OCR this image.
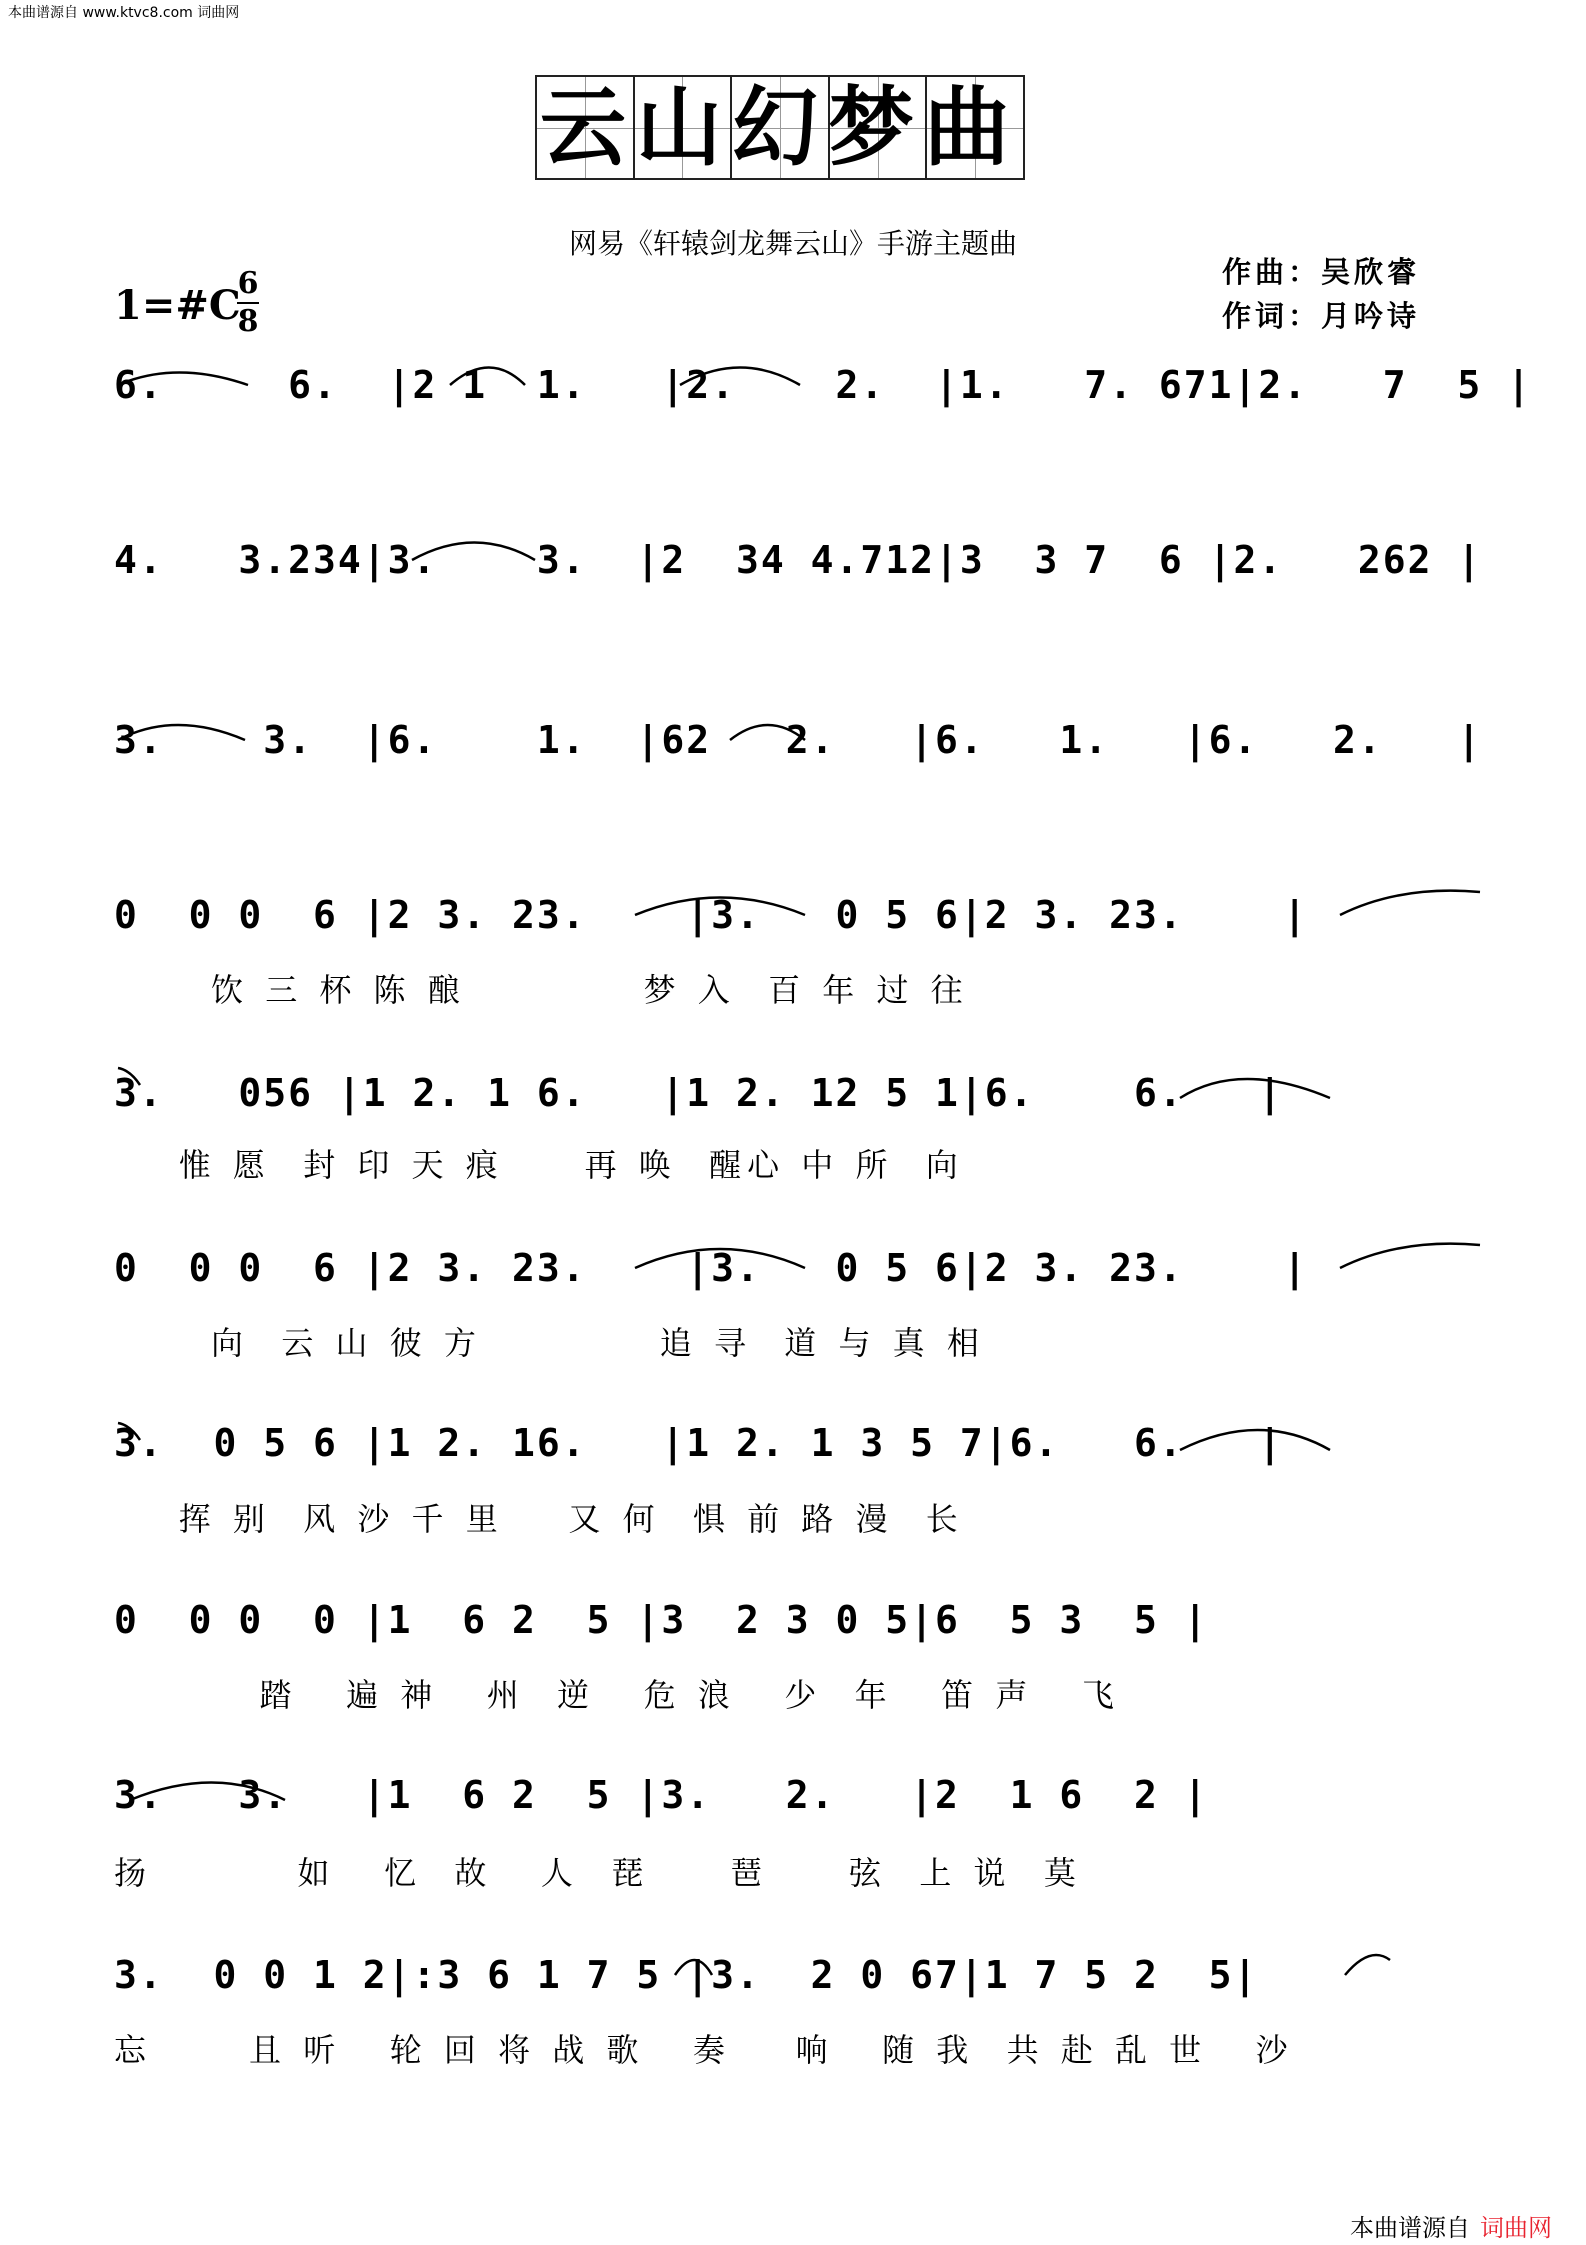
本曲谱源自 www.ktvc8.com 词曲网
云山幻梦曲
网易《轩辕剑龙舞云山》手游主题曲
作曲：吴欣睿
作词：月吟诗
1=#C
6
8
6.     6.  |2 1  1.   |2.    2.  |1.   7. 671|2.   7  5 |
4.   3.234|3.    3.  |2  34 4.712|3  3 7  6 |2.   262 |
3.    3.  |6.    1.  |62   2.   |6.   1.   |6.   2.   |
0  0 0  6 |2 3. 23.    |3.   0 5 6|2 3. 23.    |
饮 三 杯 陈 酿           梦 入  百 年 过 往
3.   056 |1 2. 1 6.   |1 2. 12 5 1|6.    6.   |
惟 愿  封 印 天 痕     再 唤  醒心 中 所  向
0  0 0  6 |2 3. 23.    |3.   0 5 6|2 3. 23.    |
向  云 山 彼 方           追 寻  道 与 真 相
3.  0 5 6 |1 2. 16.   |1 2. 1 3 5 7|6.   6.   |
挥 别  风 沙 千 里    又 何  惧 前 路 漫  长
0  0 0  0 |1  6 2  5 |3  2 3 0 5|6  5 3  5 |
踏   遍 神   州  逆   危 浪   少  年   笛 声   飞
3.   3.   |1  6 2  5 |3.   2.   |2  1 6  2 |
扬         如   忆  故   人  琵     琶     弦  上 说  莫
3.  0 0 1 2|:3 6 1 7 5 |3.  2 0 67|1 7 5 2  5|
忘      且 听   轮 回 将 战 歌   奏    响   随 我  共 赴 乱 世   沙
本曲谱源自 词曲网
